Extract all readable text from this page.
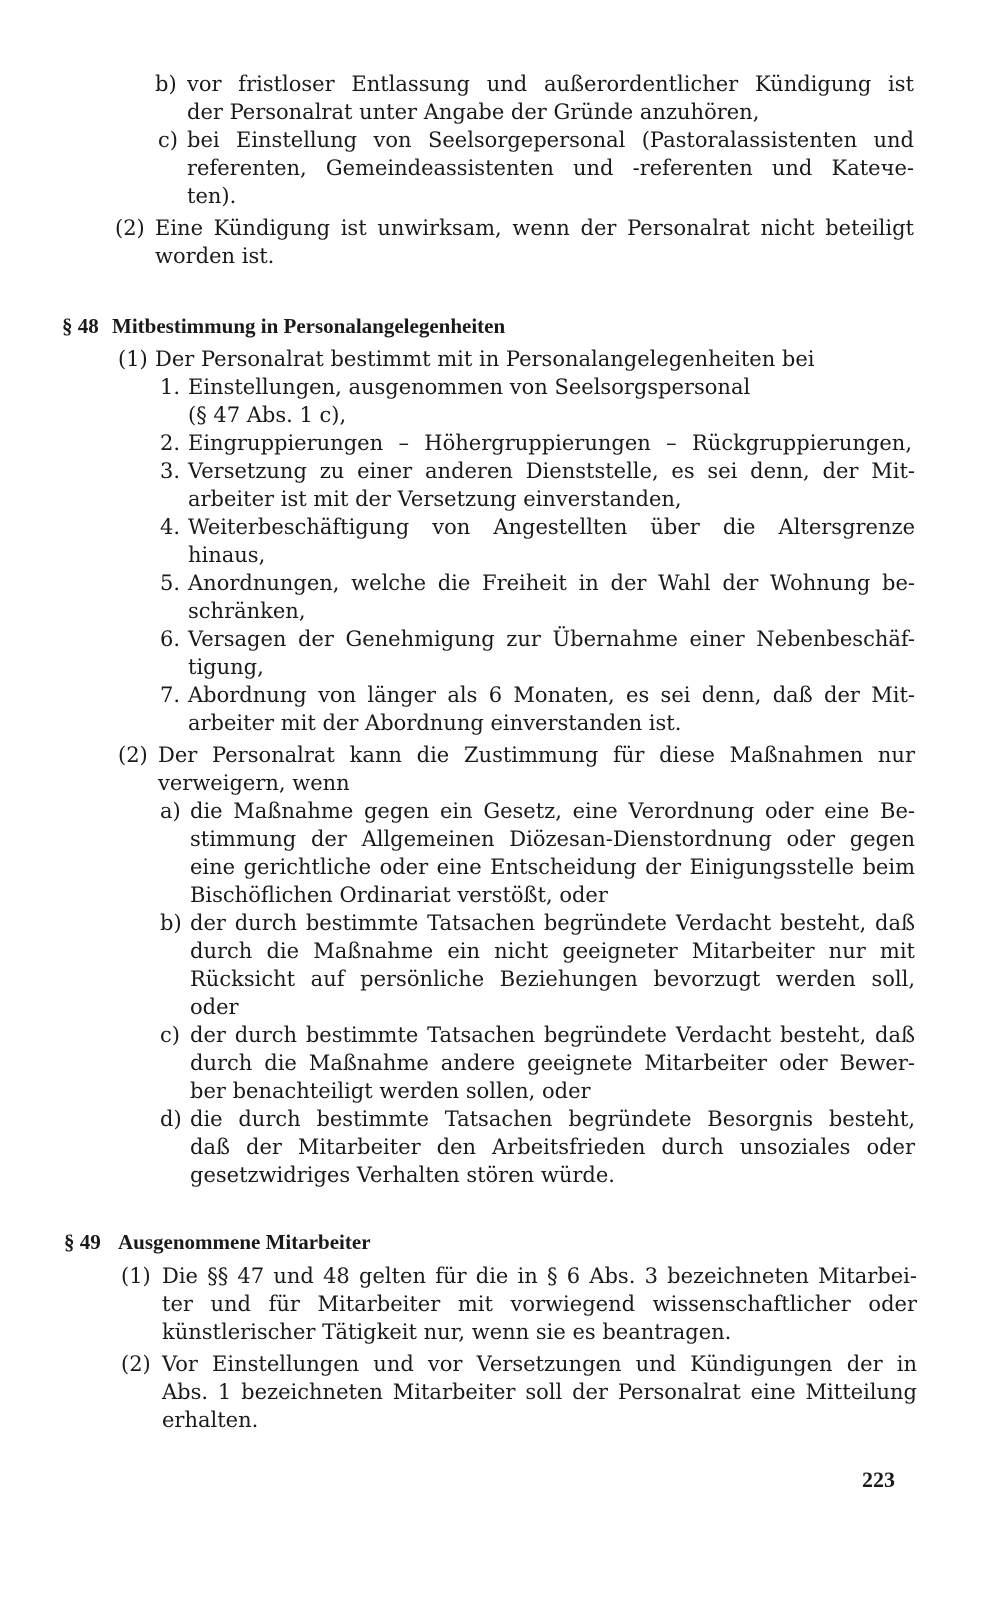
b) vor fristloser Entlassung und außerordentlicher Kündigung ist
der Personalrat unter Angabe der Gründe anzuhören,
c) bei Einstellung von Seelsorgepersonal (Pastoralassistenten und
referenten, Gemeindeassistenten und -referenten und Katече-
ten).
(2) Eine Kündigung ist unwirksam, wenn der Personalrat nicht beteiligt
worden ist.
§ 48 Mitbestimmung in Personalangelegenheiten
(1) Der Personalrat bestimmt mit in Personalangelegenheiten bei
1. Einstellungen, ausgenommen von Seelsorgspersonal
(§ 47 Abs. 1 c),
2. Eingruppierungen – Höhergruppierungen – Rückgruppierungen,
3. Versetzung zu einer anderen Dienststelle, es sei denn, der Mit-
arbeiter ist mit der Versetzung einverstanden,
4. Weiterbeschäftigung von Angestellten über die Altersgrenze
hinaus,
5. Anordnungen, welche die Freiheit in der Wahl der Wohnung be-
schränken,
6. Versagen der Genehmigung zur Übernahme einer Nebenbeschäf-
tigung,
7. Abordnung von länger als 6 Monaten, es sei denn, daß der Mit-
arbeiter mit der Abordnung einverstanden ist.
(2) Der Personalrat kann die Zustimmung für diese Maßnahmen nur
verweigern, wenn
a) die Maßnahme gegen ein Gesetz, eine Verordnung oder eine Be-
stimmung der Allgemeinen Diözesan-Dienstordnung oder gegen
eine gerichtliche oder eine Entscheidung der Einigungsstelle beim
Bischöflichen Ordinariat verstößt, oder
b) der durch bestimmte Tatsachen begründete Verdacht besteht, daß
durch die Maßnahme ein nicht geeigneter Mitarbeiter nur mit
Rücksicht auf persönliche Beziehungen bevorzugt werden soll,
oder
c) der durch bestimmte Tatsachen begründete Verdacht besteht, daß
durch die Maßnahme andere geeignete Mitarbeiter oder Bewer-
ber benachteiligt werden sollen, oder
d) die durch bestimmte Tatsachen begründete Besorgnis besteht,
daß der Mitarbeiter den Arbeitsfrieden durch unsoziales oder
gesetzwidriges Verhalten stören würde.
§ 49 Ausgenommene Mitarbeiter
(1) Die §§ 47 und 48 gelten für die in § 6 Abs. 3 bezeichneten Mitarbei-
ter und für Mitarbeiter mit vorwiegend wissenschaftlicher oder
künstlerischer Tätigkeit nur, wenn sie es beantragen.
(2) Vor Einstellungen und vor Versetzungen und Kündigungen der in
Abs. 1 bezeichneten Mitarbeiter soll der Personalrat eine Mitteilung
erhalten.
223
